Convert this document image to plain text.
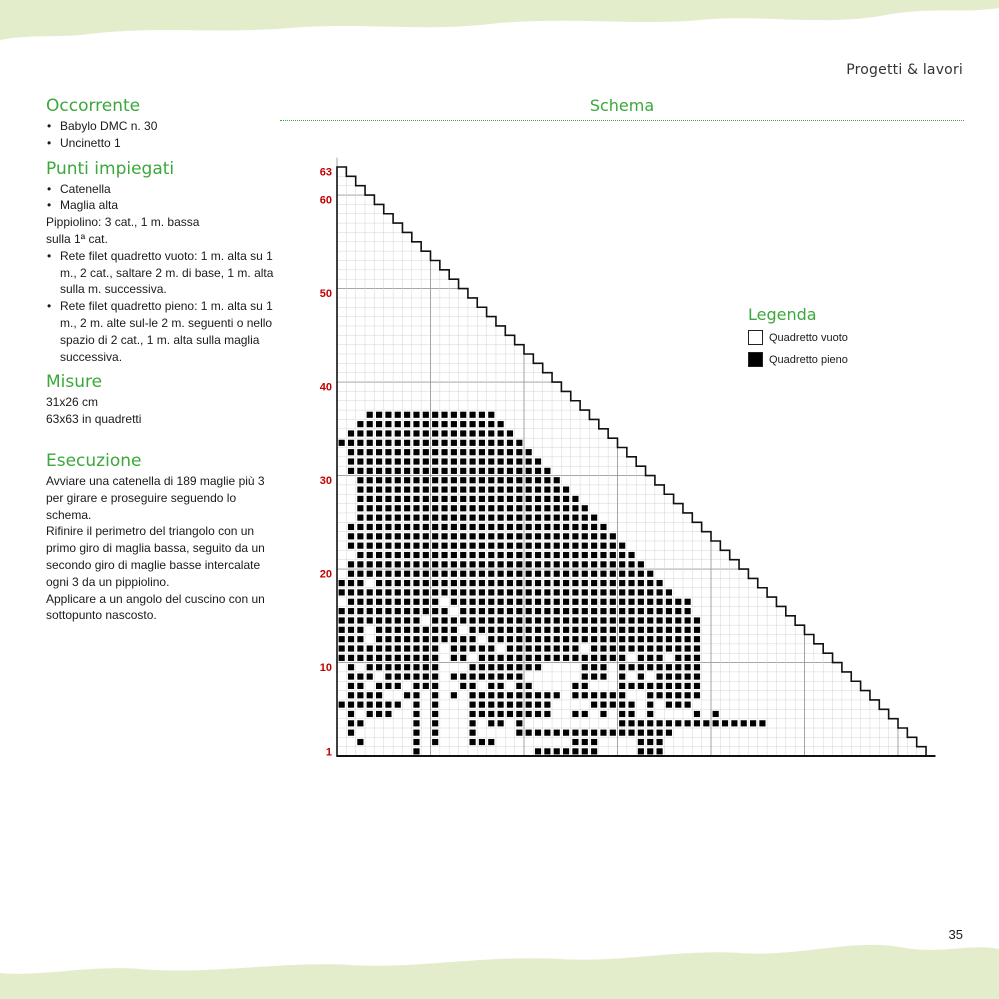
Progetti & lavori
Occorrente
• Babylo DMC n. 30
• Uncinetto 1
Punti impiegati
• Catenella
• Maglia alta
Pippiolino: 3 cat., 1 m. bassa
sulla 1ª cat.
• Rete filet quadretto vuoto: 1 m. alta su 1 m., 2 cat., saltare 2 m. di base, 1 m. alta sulla m. successiva.
• Rete filet quadretto pieno: 1 m. alta su 1 m., 2 m. alte sul-le 2 m. seguenti o nello spazio di 2 cat., 1 m. alta sulla maglia successiva.
Misure
31x26 cm
63x63 in quadretti
Esecuzione
Avviare una catenella di 189 maglie più 3 per girare e proseguire seguendo lo schema.
Rifinire il perimetro del triangolo con un primo giro di maglia bassa, seguito da un secondo giro di maglie basse intercalate ogni 3 da un pippiolino.
Applicare a un angolo del cuscino con un sottopunto nascosto.
Schema
1
10
20
30
40
50
60
63
Legenda
Quadretto vuoto
Quadretto pieno
35
